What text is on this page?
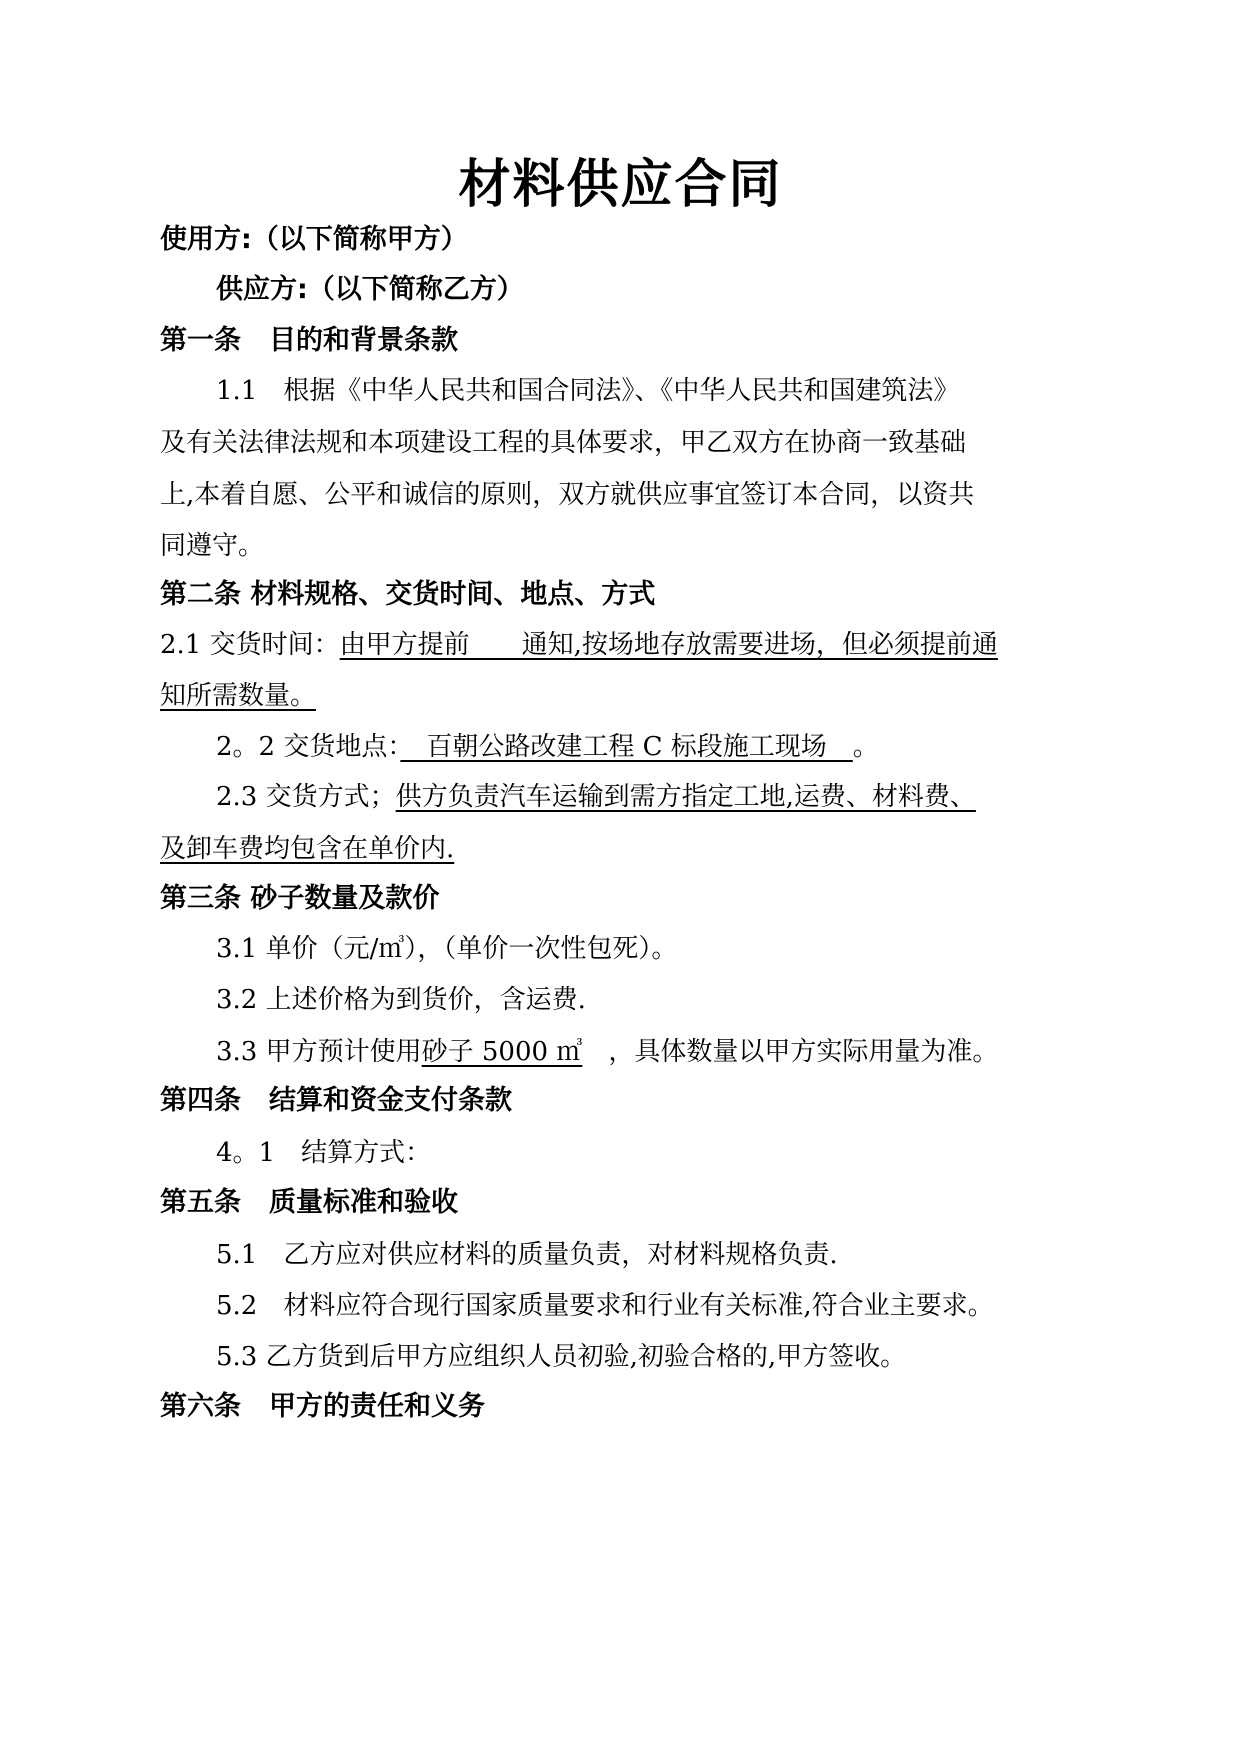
材料供应合同
使用方:（以下简称甲方）
供应方:（以下简称乙方）
第一条 目的和背景条款
1.1　根据《中华人民共和国合同法》、《中华人民共和国建筑法》
及有关法律法规和本项建设工程的具体要求，甲乙双方在协商一致基础
上,本着自愿、公平和诚信的原则，双方就供应事宜签订本合同，以资共
同遵守。
第二条 材料规格、交货时间、地点、方式
2.1 交货时间：由甲方提前　　通知,按场地存放需要进场，但必须提前通
知所需数量。
2。2 交货地点：　百朝公路改建工程 C 标段施工现场　。
2.3 交货方式；供方负责汽车运输到需方指定工地,运费、材料费、
及卸车费均包含在单价内.
第三条 砂子数量及款价
3.1 单价（元/㎥），（单价一次性包死）。
3.2 上述价格为到货价，含运费.
3.3 甲方预计使用砂子 5000 ㎥　，具体数量以甲方实际用量为准。
第四条 结算和资金支付条款
4。1　结算方式：
第五条 质量标准和验收
5.1　乙方应对供应材料的质量负责，对材料规格负责.
5.2　材料应符合现行国家质量要求和行业有关标准,符合业主要求。
5.3 乙方货到后甲方应组织人员初验,初验合格的,甲方签收。
第六条 甲方的责任和义务
